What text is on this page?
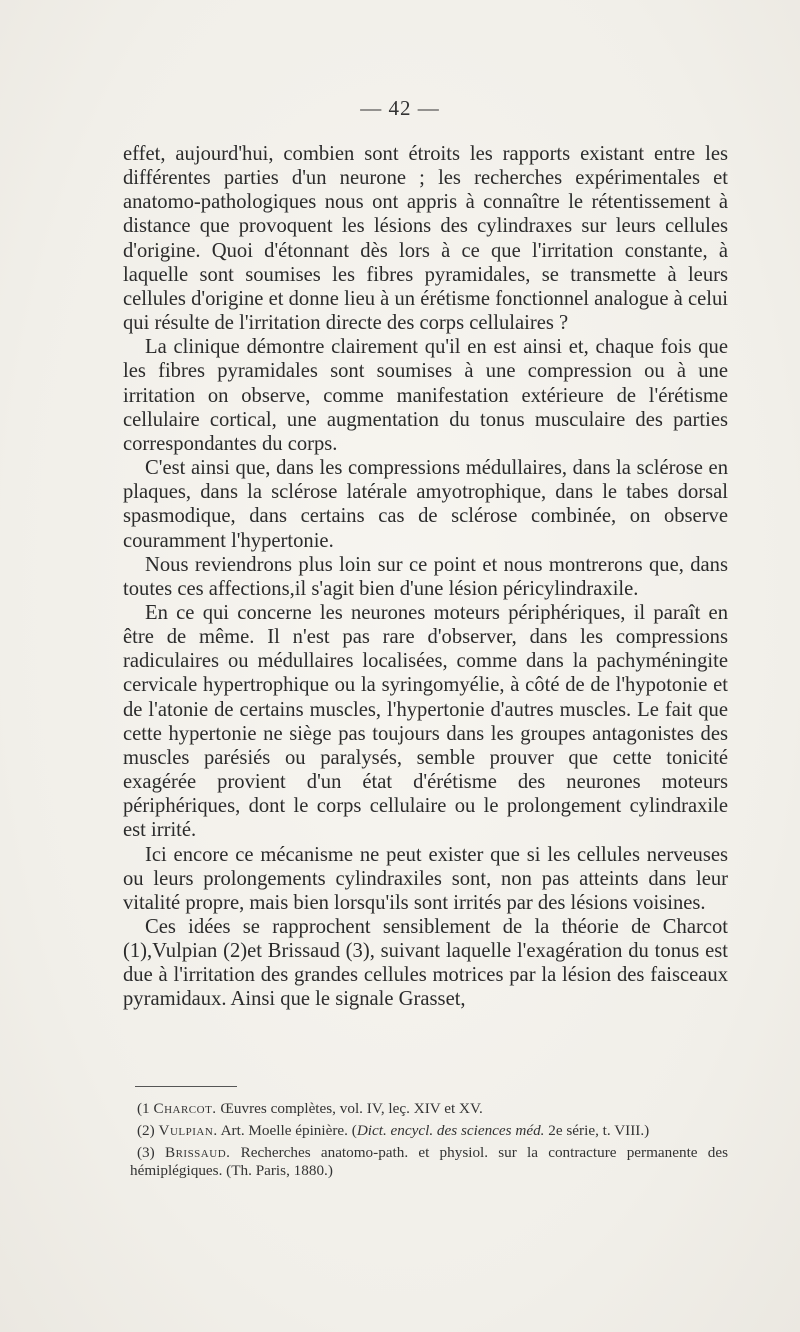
— 42 —

effet, aujourd'hui, combien sont étroits les rapports existant entre les différentes parties d'un neurone ; les recherches expérimentales et anatomo-pathologiques nous ont appris à connaître le rétentissement à distance que provoquent les lésions des cylindraxes sur leurs cellules d'origine. Quoi d'étonnant dès lors à ce que l'irritation constante, à laquelle sont soumises les fibres pyramidales, se transmette à leurs cellules d'origine et donne lieu à un érétisme fonctionnel analogue à celui qui résulte de l'irritation directe des corps cellulaires ?

La clinique démontre clairement qu'il en est ainsi et, chaque fois que les fibres pyramidales sont soumises à une compression ou à une irritation on observe, comme manifestation extérieure de l'érétisme cellulaire cortical, une augmentation du tonus musculaire des parties correspondantes du corps.

C'est ainsi que, dans les compressions médullaires, dans la sclérose en plaques, dans la sclérose latérale amyotrophique, dans le tabes dorsal spasmodique, dans certains cas de sclérose combinée, on observe couramment l'hypertonie.

Nous reviendrons plus loin sur ce point et nous montrerons que, dans toutes ces affections,il s'agit bien d'une lésion péricylindraxile.

En ce qui concerne les neurones moteurs périphériques, il paraît en être de même. Il n'est pas rare d'observer, dans les compressions radiculaires ou médullaires localisées, comme dans la pachyméningite cervicale hypertrophique ou la syringomyélie, à côté de de l'hypotonie et de l'atonie de certains muscles, l'hypertonie d'autres muscles. Le fait que cette hypertonie ne siège pas toujours dans les groupes antagonistes des muscles parésiés ou paralysés, semble prouver que cette tonicité exagérée provient d'un état d'érétisme des neurones moteurs périphériques, dont le corps cellulaire ou le prolongement cylindraxile est irrité.

Ici encore ce mécanisme ne peut exister que si les cellules nerveuses ou leurs prolongements cylindraxiles sont, non pas atteints dans leur vitalité propre, mais bien lorsqu'ils sont irrités par des lésions voisines.

Ces idées se rapprochent sensiblement de la théorie de Charcot (1),Vulpian (2)et Brissaud (3), suivant laquelle l'exagération du tonus est due à l'irritation des grandes cellules motrices par la lésion des faisceaux pyramidaux. Ainsi que le signale Grasset,

(1 Charcot. Œuvres complètes, vol. IV, leç. XIV et XV.

(2) Vulpian. Art. Moelle épinière. (Dict. encycl. des sciences méd. 2e série, t. VIII.)

(3) Brissaud. Recherches anatomo-path. et physiol. sur la contracture permanente des hémiplégiques. (Th. Paris, 1880.)
